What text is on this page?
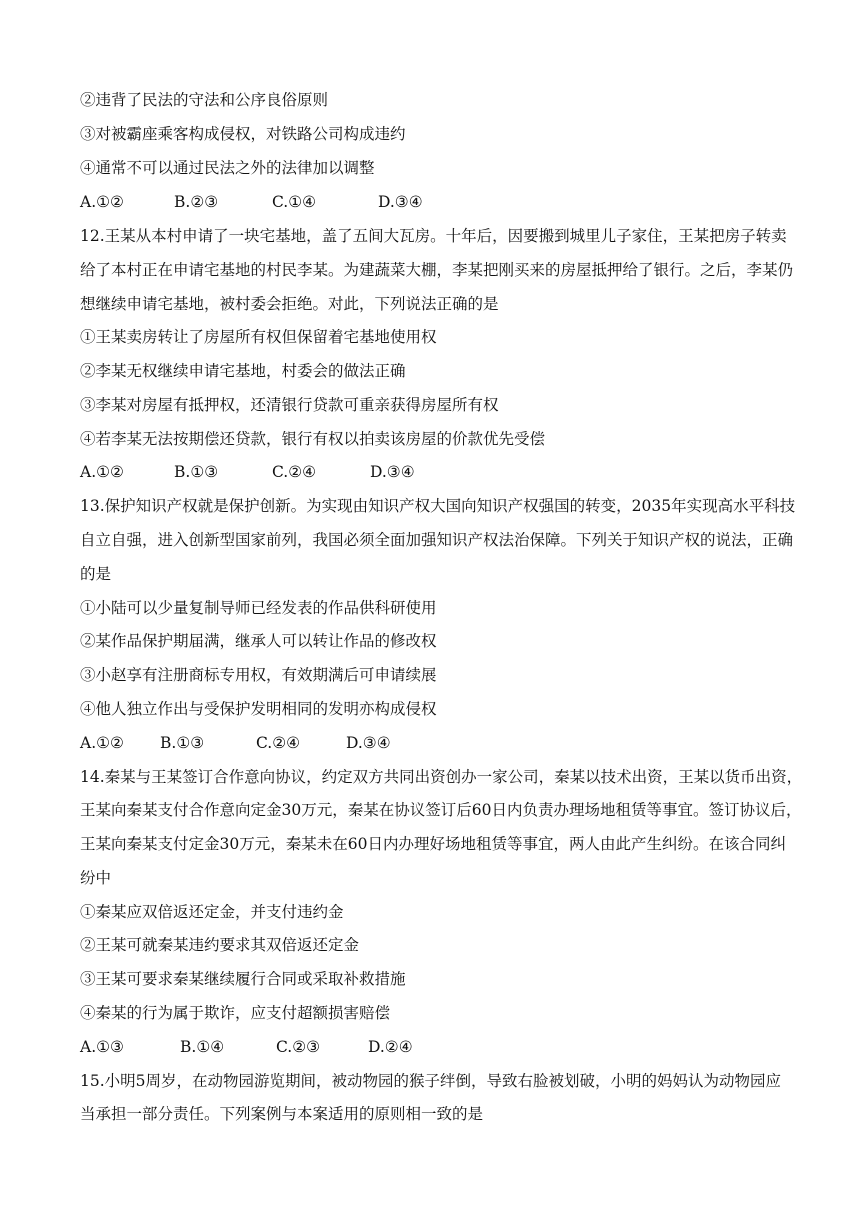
②违背了民法的守法和公序良俗原则
③对被霸座乘客构成侵权，对铁路公司构成违约
④通常不可以通过民法之外的法律加以调整
A.①②	B.②③	C.①④	D.③④
12.王某从本村申请了一块宅基地，盖了五间大瓦房。十年后，因要搬到城里儿子家住，王某把房子转卖
给了本村正在申请宅基地的村民李某。为建蔬菜大棚，李某把刚买来的房屋抵押给了银行。之后，李某仍
想继续申请宅基地，被村委会拒绝。对此，下列说法正确的是
①王某卖房转让了房屋所有权但保留着宅基地使用权
②李某无权继续申请宅基地，村委会的做法正确
③李某对房屋有抵押权，还清银行贷款可重亲获得房屋所有权
④若李某无法按期偿还贷款，银行有权以拍卖该房屋的价款优先受偿
A.①②	B.①③	C.②④	D.③④
13.保护知识产权就是保护创新。为实现由知识产权大国向知识产权强国的转变，2035年实现高水平科技
自立自强，进入创新型国家前列，我国必须全面加强知识产权法治保障。下列关于知识产权的说法，正确
的是
①小陆可以少量复制导师已经发表的作品供科研使用
②某作品保护期届满，继承人可以转让作品的修改权
③小赵享有注册商标专用权，有效期满后可申请续展
④他人独立作出与受保护发明相同的发明亦构成侵权
A.①② B.①③	C.②④	D.③④
14.秦某与王某签订合作意向协议，约定双方共同出资创办一家公司，秦某以技术出资，王某以货币出资，
王某向秦某支付合作意向定金30万元，秦某在协议签订后60日内负责办理场地租赁等事宜。签订协议后，
王某向秦某支付定金30万元，秦某未在60日内办理好场地租赁等事宜，两人由此产生纠纷。在该合同纠
纷中
①秦某应双倍返还定金，并支付违约金
②王某可就秦某违约要求其双倍返还定金
③王某可要求秦某继续履行合同或采取补救措施
④秦某的行为属于欺诈，应支付超额损害赔偿
A.①③	B.①④	C.②③	D.②④
15.小明5周岁，在动物园游览期间，被动物园的猴子绊倒，导致右脸被划破，小明的妈妈认为动物园应
当承担一部分责任。下列案例与本案适用的原则相一致的是
